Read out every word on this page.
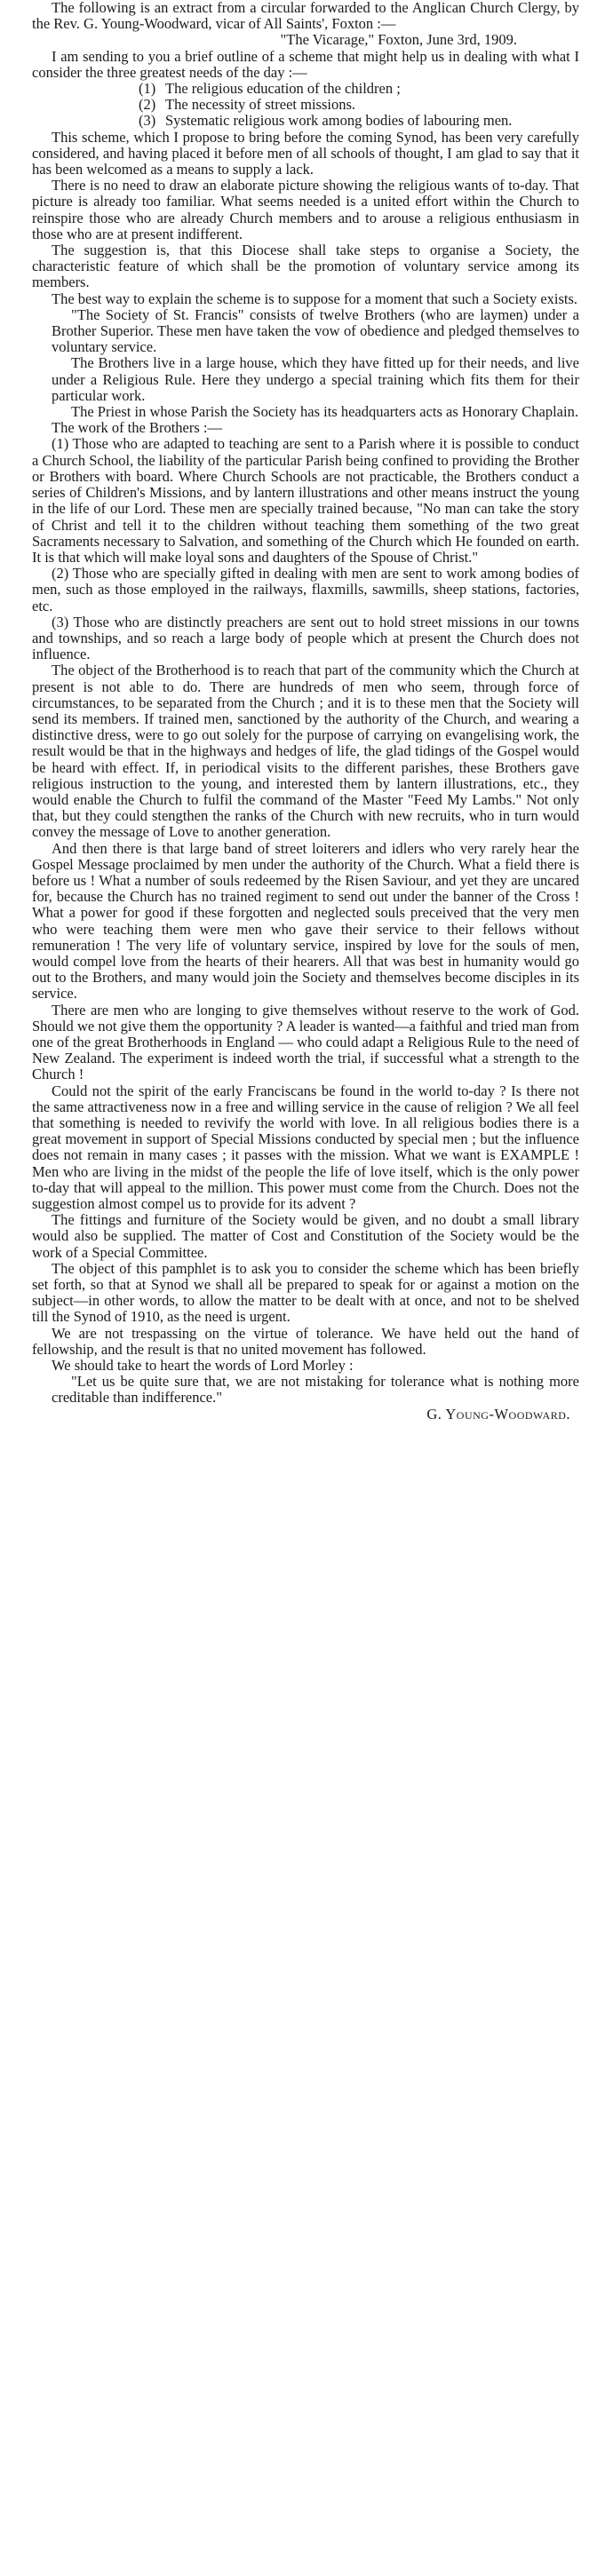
The following is an extract from a circular forwarded to the Anglican Church Clergy, by the Rev. G. Young-Woodward, vicar of All Saints', Foxton :—

"The Vicarage," Foxton, June 3rd, 1909.

I am sending to you a brief outline of a scheme that might help us in dealing with what I consider the three greatest needs of the day :—

(1) The religious education of the children ;
(2) The necessity of street missions.
(3) Systematic religious work among bodies of labouring men.

This scheme, which I propose to bring before the coming Synod, has been very carefully considered, and having placed it before men of all schools of thought, I am glad to say that it has been welcomed as a means to supply a lack.

There is no need to draw an elaborate picture showing the religious wants of to-day. That picture is already too familiar. What seems needed is a united effort within the Church to reinspire those who are already Church members and to arouse a religious enthusiasm in those who are at present indifferent.

The suggestion is, that this Diocese shall take steps to organise a Society, the characteristic feature of which shall be the promotion of voluntary service among its members.

The best way to explain the scheme is to suppose for a moment that such a Society exists.

"The Society of St. Francis" consists of twelve Brothers (who are laymen) under a Brother Superior. These men have taken the vow of obedience and pledged themselves to voluntary service.

The Brothers live in a large house, which they have fitted up for their needs, and live under a Religious Rule. Here they undergo a special training which fits them for their particular work.

The Priest in whose Parish the Society has its headquarters acts as Honorary Chaplain.

The work of the Brothers :—

(1) Those who are adapted to teaching are sent to a Parish where it is possible to conduct a Church School, the liability of the particular Parish being confined to providing the Brother or Brothers with board. Where Church Schools are not practicable, the Brothers conduct a series of Children's Missions, and by lantern illustrations and other means instruct the young in the life of our Lord. These men are specially trained because, "No man can take the story of Christ and tell it to the children without teaching them something of the two great Sacraments necessary to Salvation, and something of the Church which He founded on earth. It is that which will make loyal sons and daughters of the Spouse of Christ."

(2) Those who are specially gifted in dealing with men are sent to work among bodies of men, such as those employed in the railways, flaxmills, sawmills, sheep stations, factories, etc.

(3) Those who are distinctly preachers are sent out to hold street missions in our towns and townships, and so reach a large body of people which at present the Church does not influence.

The object of the Brotherhood is to reach that part of the community which the Church at present is not able to do. There are hundreds of men who seem, through force of circumstances, to be separated from the Church ; and it is to these men that the Society will send its members. If trained men, sanctioned by the authority of the Church, and wearing a distinctive dress, were to go out solely for the purpose of carrying on evangelising work, the result would be that in the highways and hedges of life, the glad tidings of the Gospel would be heard with effect. If, in periodical visits to the different parishes, these Brothers gave religious instruction to the young, and interested them by lantern illustrations, etc., they would enable the Church to fulfil the command of the Master "Feed My Lambs." Not only that, but they could stengthen the ranks of the Church with new recruits, who in turn would convey the message of Love to another generation.

And then there is that large band of street loiterers and idlers who very rarely hear the Gospel Message proclaimed by men under the authority of the Church. What a field there is before us ! What a number of souls redeemed by the Risen Saviour, and yet they are uncared for, because the Church has no trained regiment to send out under the banner of the Cross ! What a power for good if these forgotten and neglected souls preceived that the very men who were teaching them were men who gave their service to their fellows without remuneration ! The very life of voluntary service, inspired by love for the souls of men, would compel love from the hearts of their hearers. All that was best in humanity would go out to the Brothers, and many would join the Society and themselves become disciples in its service.

There are men who are longing to give themselves without reserve to the work of God. Should we not give them the opportunity ? A leader is wanted—a faithful and tried man from one of the great Brotherhoods in England — who could adapt a Religious Rule to the need of New Zealand. The experiment is indeed worth the trial, if successful what a strength to the Church !

Could not the spirit of the early Franciscans be found in the world to-day ? Is there not the same attractiveness now in a free and willing service in the cause of religion ? We all feel that something is needed to revivify the world with love. In all religious bodies there is a great movement in support of Special Missions conducted by special men ; but the influence does not remain in many cases ; it passes with the mission. What we want is EXAMPLE ! Men who are living in the midst of the people the life of love itself, which is the only power to-day that will appeal to the million. This power must come from the Church. Does not the suggestion almost compel us to provide for its advent ?

The fittings and furniture of the Society would be given, and no doubt a small library would also be supplied. The matter of Cost and Constitution of the Society would be the work of a Special Committee.

The object of this pamphlet is to ask you to consider the scheme which has been briefly set forth, so that at Synod we shall all be prepared to speak for or against a motion on the subject—in other words, to allow the matter to be dealt with at once, and not to be shelved till the Synod of 1910, as the need is urgent.

We are not trespassing on the virtue of tolerance. We have held out the hand of fellowship, and the result is that no united movement has followed.

We should take to heart the words of Lord Morley :

"Let us be quite sure that, we are not mistaking for tolerance what is nothing more creditable than indifference."

G. Young-Woodward.
